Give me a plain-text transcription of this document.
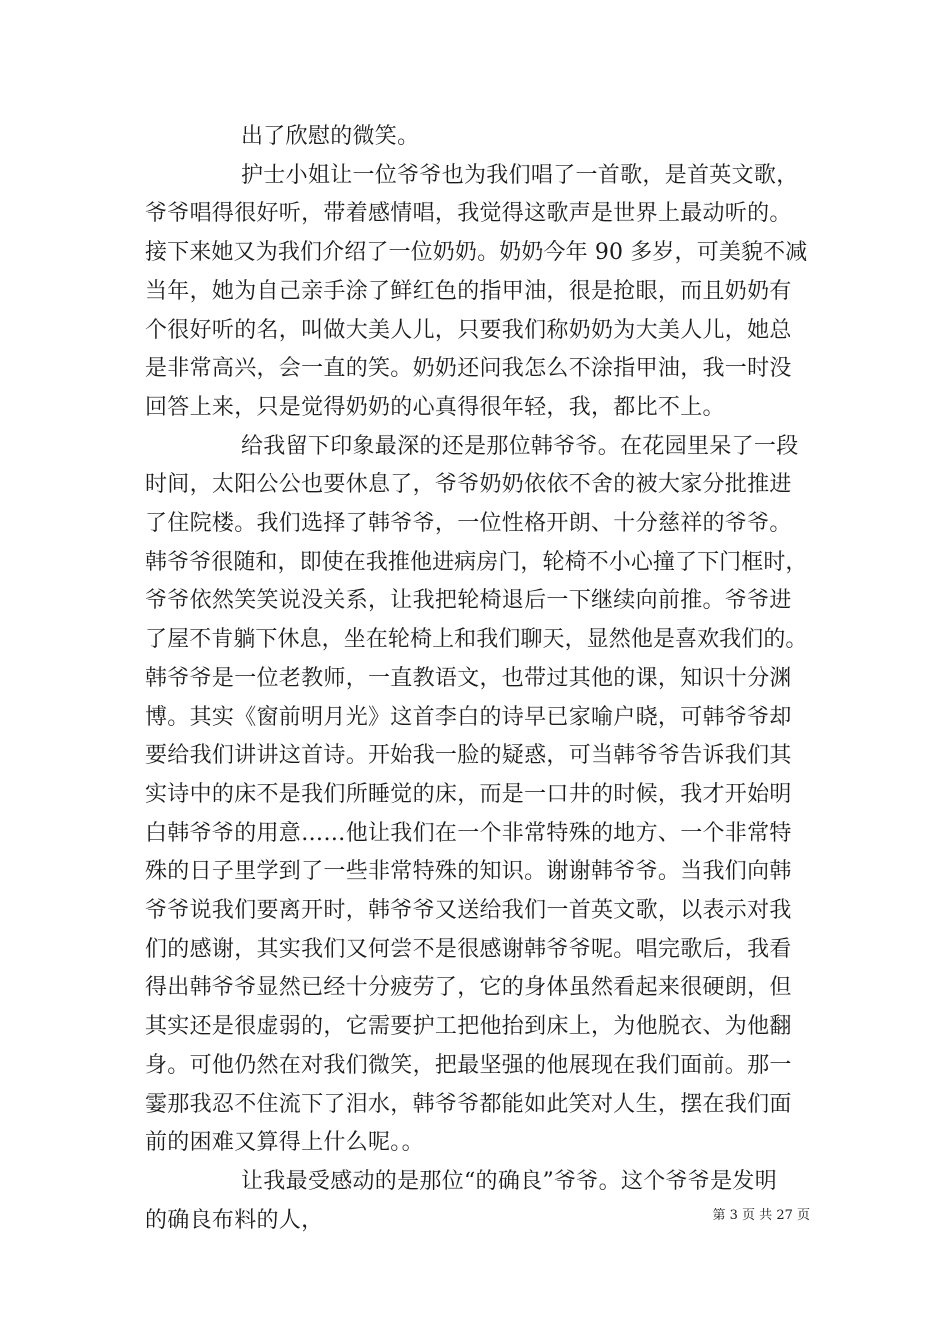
出了欣慰的微笑。
护士小姐让一位爷爷也为我们唱了一首歌，是首英文歌，
爷爷唱得很好听，带着感情唱，我觉得这歌声是世界上最动听的。
接下来她又为我们介绍了一位奶奶。奶奶今年 90 多岁，可美貌不减
当年，她为自己亲手涂了鲜红色的指甲油，很是抢眼，而且奶奶有
个很好听的名，叫做大美人儿，只要我们称奶奶为大美人儿，她总
是非常高兴，会一直的笑。奶奶还问我怎么不涂指甲油，我一时没
回答上来，只是觉得奶奶的心真得很年轻，我，都比不上。
给我留下印象最深的还是那位韩爷爷。在花园里呆了一段
时间，太阳公公也要休息了，爷爷奶奶依依不舍的被大家分批推进
了住院楼。我们选择了韩爷爷，一位性格开朗、十分慈祥的爷爷。
韩爷爷很随和，即使在我推他进病房门，轮椅不小心撞了下门框时，
爷爷依然笑笑说没关系，让我把轮椅退后一下继续向前推。爷爷进
了屋不肯躺下休息，坐在轮椅上和我们聊天，显然他是喜欢我们的。
韩爷爷是一位老教师，一直教语文，也带过其他的课，知识十分渊
博。其实《窗前明月光》这首李白的诗早已家喻户晓，可韩爷爷却
要给我们讲讲这首诗。开始我一脸的疑惑，可当韩爷爷告诉我们其
实诗中的床不是我们所睡觉的床，而是一口井的时候，我才开始明
白韩爷爷的用意……他让我们在一个非常特殊的地方、一个非常特
殊的日子里学到了一些非常特殊的知识。谢谢韩爷爷。当我们向韩
爷爷说我们要离开时，韩爷爷又送给我们一首英文歌，以表示对我
们的感谢，其实我们又何尝不是很感谢韩爷爷呢。唱完歌后，我看
得出韩爷爷显然已经十分疲劳了，它的身体虽然看起来很硬朗，但
其实还是很虚弱的，它需要护工把他抬到床上，为他脱衣、为他翻
身。可他仍然在对我们微笑，把最坚强的他展现在我们面前。那一
霎那我忍不住流下了泪水，韩爷爷都能如此笑对人生，摆在我们面
前的困难又算得上什么呢。。
让我最受感动的是那位“的确良”爷爷。这个爷爷是发明
的确良布料的人，	第 3 页 共 27 页
